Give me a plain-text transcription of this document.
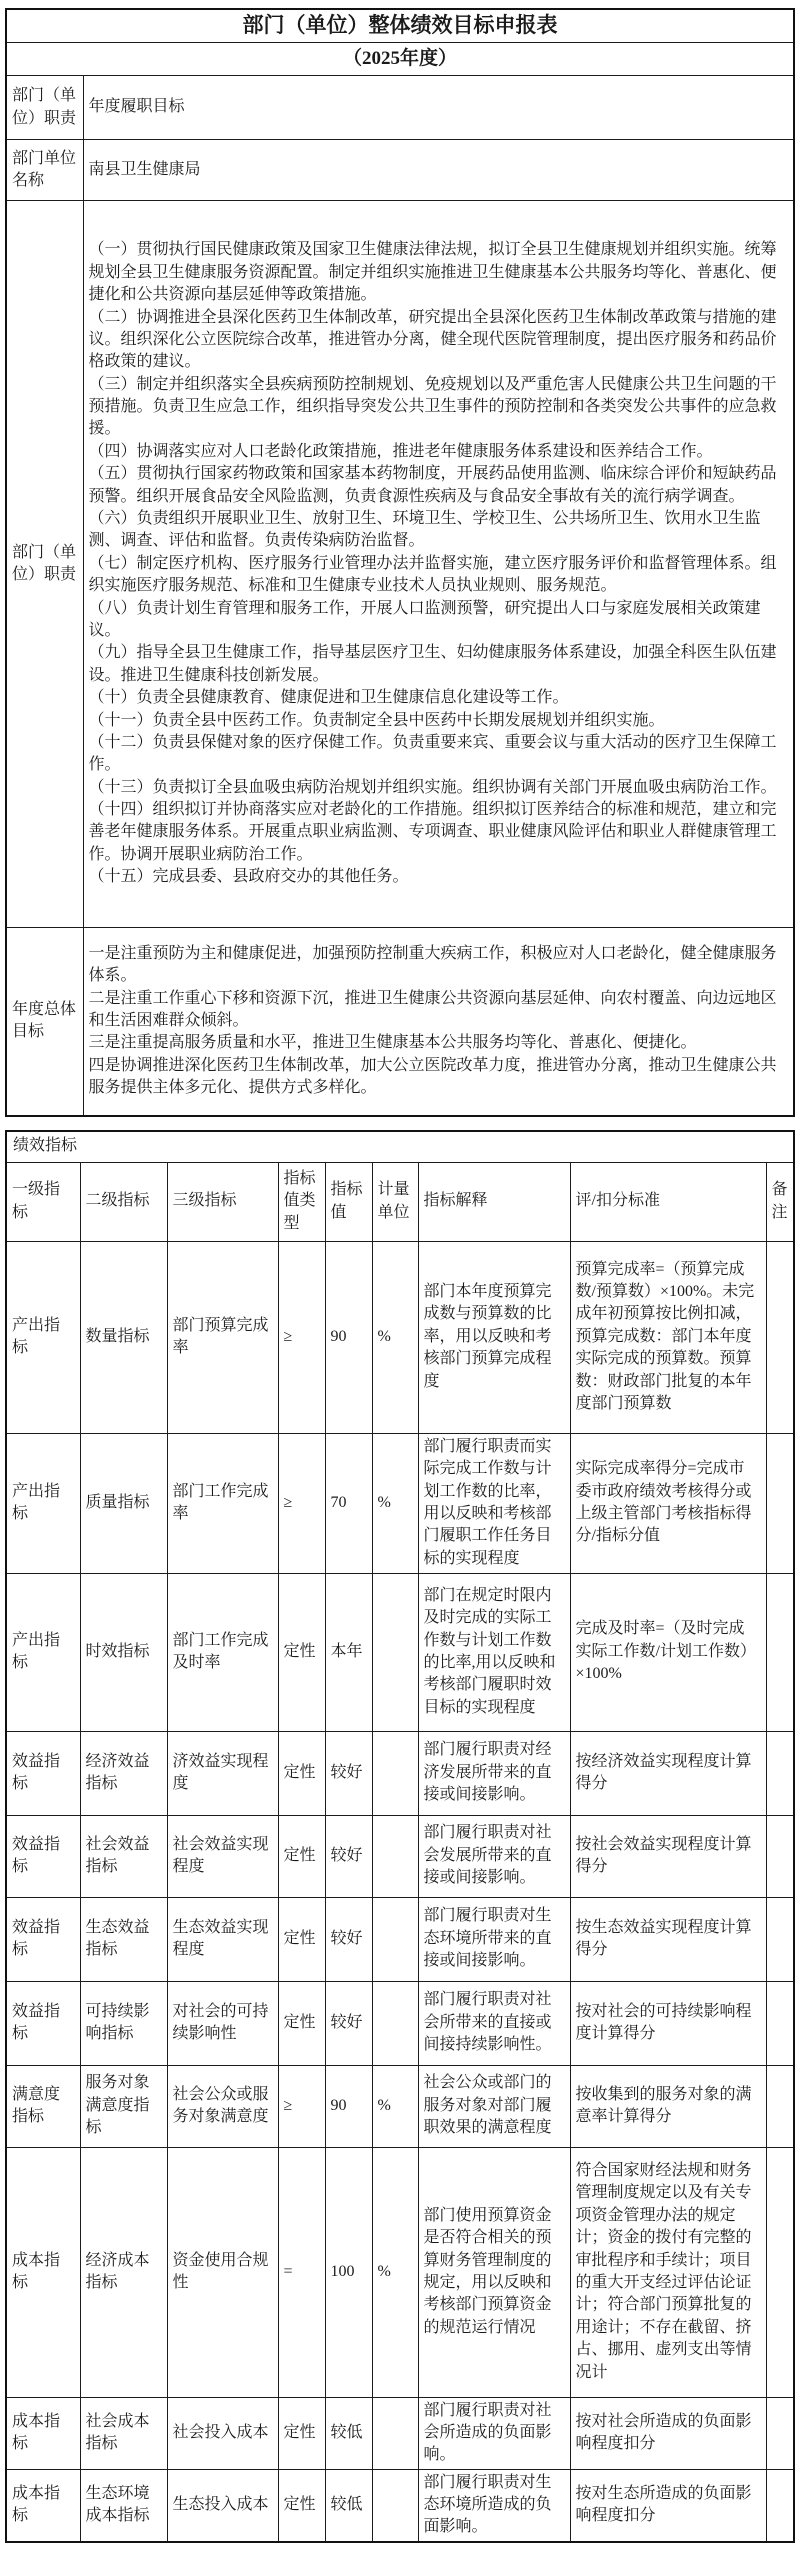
部门（单位）整体绩效目标申报表	
（2025年度）	
部门（单位）职责	年度履职目标
部门单位名称	南县卫生健康局
部门（单位）职责	

（一）贯彻执行国民健康政策及国家卫生健康法律法规，拟订全县卫生健康规划并组织实施。统筹规划全县卫生健康服务资源配置。制定并组织实施推进卫生健康基本公共服务均等化、普惠化、便捷化和公共资源向基层延伸等政策措施。

（二）协调推进全县深化医药卫生体制改革，研究提出全县深化医药卫生体制改革政策与措施的建议。组织深化公立医院综合改革，推进管办分离，健全现代医院管理制度，提出医疗服务和药品价格政策的建议。

（三）制定并组织落实全县疾病预防控制规划、免疫规划以及严重危害人民健康公共卫生问题的干预措施。负责卫生应急工作，组织指导突发公共卫生事件的预防控制和各类突发公共事件的应急救援。

（四）协调落实应对人口老龄化政策措施，推进老年健康服务体系建设和医养结合工作。

（五）贯彻执行国家药物政策和国家基本药物制度，开展药品使用监测、临床综合评价和短缺药品预警。组织开展食品安全风险监测，负责食源性疾病及与食品安全事故有关的流行病学调查。

（六）负责组织开展职业卫生、放射卫生、环境卫生、学校卫生、公共场所卫生、饮用水卫生监测、调查、评估和监督。负责传染病防治监督。

（七）制定医疗机构、医疗服务行业管理办法并监督实施，建立医疗服务评价和监督管理体系。组织实施医疗服务规范、标准和卫生健康专业技术人员执业规则、服务规范。

（八）负责计划生育管理和服务工作，开展人口监测预警，研究提出人口与家庭发展相关政策建议。

（九）指导全县卫生健康工作，指导基层医疗卫生、妇幼健康服务体系建设，加强全科医生队伍建设。推进卫生健康科技创新发展。

（十）负责全县健康教育、健康促进和卫生健康信息化建设等工作。

（十一）负责全县中医药工作。负责制定全县中医药中长期发展规划并组织实施。

（十二）负责县保健对象的医疗保健工作。负责重要来宾、重要会议与重大活动的医疗卫生保障工作。

（十三）负责拟订全县血吸虫病防治规划并组织实施。组织协调有关部门开展血吸虫病防治工作。

（十四）组织拟订并协商落实应对老龄化的工作措施。组织拟订医养结合的标准和规范，建立和完善老年健康服务体系。开展重点职业病监测、专项调查、职业健康风险评估和职业人群健康管理工作。协调开展职业病防治工作。

（十五）完成县委、县政府交办的其他任务。

年度总体目标	一是注重预防为主和健康促进，加强预防控制重大疾病工作，积极应对人口老龄化，健全健康服务体系。

二是注重工作重心下移和资源下沉，推进卫生健康公共资源向基层延伸、向农村覆盖、向边远地区和生活困难群众倾斜。

三是注重提高服务质量和水平，推进卫生健康基本公共服务均等化、普惠化、便捷化。

四是协调推进深化医药卫生体制改革，加大公立医院改革力度，推进管办分离，推动卫生健康公共服务提供主体多元化、提供方式多样化。

绩效指标								
一级指标	二级指标	三级指标	指标值类型	指标值	计量单位	指标解释	评/扣分标准	备注
产出指标	数量指标	部门预算完成率	≥	90	%	部门本年度预算完成数与预算数的比率，用以反映和考核部门预算完成程度	预算完成率=（预算完成数/预算数）×100%。未完成年初预算按比例扣减，预算完成数：部门本年度实际完成的预算数。预算数：财政部门批复的本年度部门预算数	
产出指标	质量指标	部门工作完成率	≥	70	%	部门履行职责而实际完成工作数与计划工作数的比率，用以反映和考核部门履职工作任务目标的实现程度	实际完成率得分=完成市委市政府绩效考核得分或上级主管部门考核指标得分/指标分值	
产出指标	时效指标	部门工作完成及时率	定性	本年		部门在规定时限内及时完成的实际工作数与计划工作数的比率,用以反映和考核部门履职时效目标的实现程度	完成及时率=（及时完成实际工作数/计划工作数）×100%	
效益指标	经济效益指标	济效益实现程度	定性	较好		部门履行职责对经济发展所带来的直接或间接影响。	按经济效益实现程度计算得分	
效益指标	社会效益指标	社会效益实现程度	定性	较好		部门履行职责对社会发展所带来的直接或间接影响。	按社会效益实现程度计算得分	
效益指标	生态效益指标	生态效益实现程度	定性	较好		部门履行职责对生态环境所带来的直接或间接影响。	按生态效益实现程度计算得分	
效益指标	可持续影响指标	对社会的可持续影响性	定性	较好		部门履行职责对社会所带来的直接或间接持续影响性。	按对社会的可持续影响程度计算得分	
满意度指标	服务对象满意度指标	社会公众或服务对象满意度	≥	90	%	社会公众或部门的服务对象对部门履职效果的满意程度	按收集到的服务对象的满意率计算得分	
成本指标	经济成本指标	资金使用合规性	=	100	%	部门使用预算资金是否符合相关的预算财务管理制度的规定，用以反映和考核部门预算资金的规范运行情况	符合国家财经法规和财务管理制度规定以及有关专项资金管理办法的规定计；资金的拨付有完整的审批程序和手续计；项目的重大开支经过评估论证计；符合部门预算批复的用途计；不存在截留、挤占、挪用、虚列支出等情况计	
成本指标	社会成本指标	社会投入成本	定性	较低		部门履行职责对社会所造成的负面影响。	按对社会所造成的负面影响程度扣分	
成本指标	生态环境成本指标	生态投入成本	定性	较低		部门履行职责对生态环境所造成的负面影响。	按对生态所造成的负面影响程度扣分	
